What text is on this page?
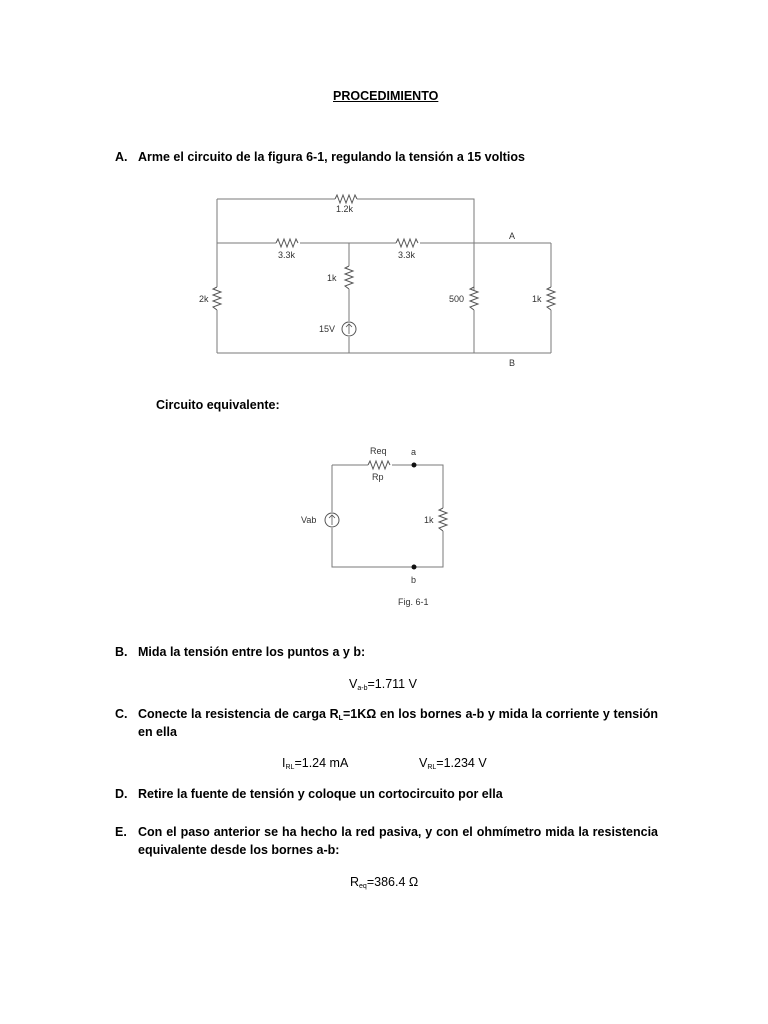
PROCEDIMIENTO
A. Arme el circuito de la figura 6-1, regulando la tensión a 15 voltios
1.2k
3.3k	3.3k
2k
1k
15V
500	1k
A
B
Circuito equivalente:
Req
Rp
a
b
Vab	1k
Fig. 6-1
B. Mida la tensión entre los puntos a y b:
$V_{a-b}=1.711$ V
C. Conecte la resistencia de carga $R_L=1K\Omega$ en los bornes a-b y mida la corriente y tensión en ella
$I_{RL}=1.24$ mA	$V_{RL}=1.234$ V
D. Retire la fuente de tensión y coloque un cortocircuito por ella
E. Con el paso anterior se ha hecho la red pasiva, y con el ohmímetro mida la resistencia equivalente desde los bornes a-b:
$R_{eq}=386.4$ Ω
